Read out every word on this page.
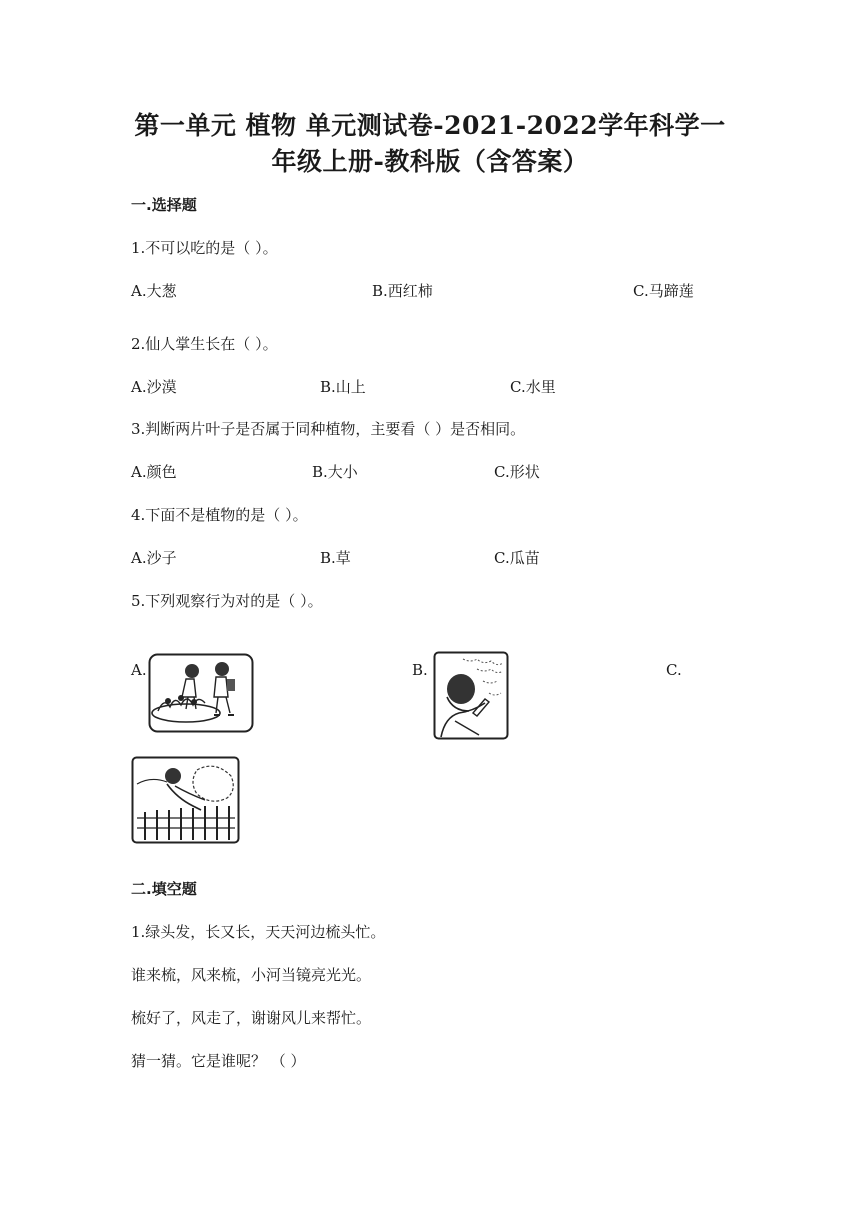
第一单元 植物 单元测试卷-2021-2022学年科学一
年级上册-教科版（含答案）
一.选择题
1.不可以吃的是（ ）。
A.大葱	B.西红柿	C.马蹄莲
2.仙人掌生长在（ ）。
A.沙漠	B.山上	C.水里
3.判断两片叶子是否属于同种植物，主要看（ ）是否相同。
A.颜色	B.大小	C.形状
4.下面不是植物的是（ ）。
A.沙子	B.草	C.瓜苗
5.下列观察行为对的是（ ）。
A.	B.	C.
二.填空题
1.绿头发，长又长，天天河边梳头忙。
谁来梳，风来梳，小河当镜亮光光。
梳好了，风走了，谢谢风儿来帮忙。
猜一猜。它是谁呢？ （ ）
